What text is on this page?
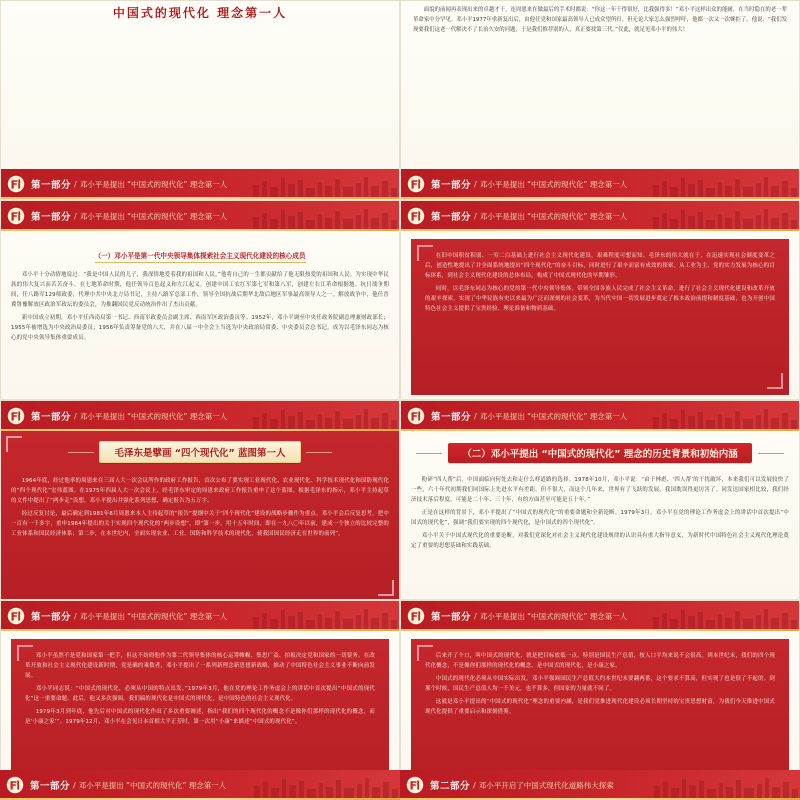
中国式的现代化 理念第一人
第一部分 / 邓小平是提出 “中国式的现代化” 理念第一人
面貌的前闻再表现出来的卓越才干，连周恩来在做最后的手术时都说：“你这一年干得很好，比我强得多！”邓小平这样出众的能耐，在当时隐在的老一辈革命家中分罕见。邓小平1977年重新复出后，由他任党和国家最高领导人已成众望所归。但无论大家怎么强烈呼吁，他都一次又一次婉拒了。他说：“我们发现要我们这老一代解决不了长治久安的问题，于是我们推荐别的人，真正要找第三代。”仅此，就足见邓小平的伟大！
第一部分 / 邓小平是提出 “中国式的现代化” 理念第一人
第一部分 / 邓小平是提出 “中国式的现代化” 理念第一人
（一）邓小平是第一代中央领导集体探索社会主义现代化建设的核心成员

邓小平十分动情地说过：“我是中国人民的儿子，我深情地爱着我的祖国和人民。”他将自己的一生都贡献给了他无限热爱的祖国和人民。为实现中华民族的伟大复兴而苦苦奋斗。在七地革命时期，他任领导百色起义和左江起义，创建中国工农红军第七军和第八军，创建左右江革命根据地。抗日战争期间，任八路军129师政委，代理中共中央北方局书记，主持八路军总部工作，领导全国抗战后期华北敌后地区军事最高领导人之一。解放战争中，他任晋冀鲁豫解放区政治军政坛的委员会，为推翻国民党反动统治作出了杰出贡献。

新中国成立初期，邓小平任西南局第一书记、西南军政委员会副主席、西南军区政治委员等。1952年，邓小平调至中央任政务院副总理兼财政部长；1955年被增选为中央政治局委员；1956年负责筹备党的八大，并在八届一中全会上当选为中央政治局常委、中央委员会总书记，成为以毛泽东同志为核心的党中央领导集体重要成员。

第一部分 / 邓小平是提出 “中国式的现代化” 理念第一人

在旧中国积贫积弱、一穷二白基础上进行社会主义现代化建设，艰难程度可想而知。毛泽东的伟大就在于，在迅速实现社会制度变革之后，创造性地提出了并全面系统地提出“四个现代化”的奋斗目标，同时进行了艰辛而富有成效的探索。从工业为主、党的实力发展为核心的目标体系，到社会主义现代化建设的总体布局，构成了中国式现代化的早期雏形。

同时，以毛泽东同志为核心的党的第一代中央领导集体，带领全国各族人民完成了社会主义革命，进行了社会主义现代化建设和改革开放的艰辛探索，实现了中华民族有史以来最为广泛而深刻的社会变革，为当代中国一切发展进步奠定了根本政治前提和制度基础，也为开创中国特色社会主义提供了宝贵经验、理论准备和物质基础。

第一部分 / 邓小平是提出 “中国式的现代化” 理念第一人
毛泽东是擘画 “四个现代化” 蓝图第一人

1964年底，经过他率的周恩来在三届人大一次会议所作的政府工作报告，首次公布了要实现工业现代化、农业现代化、科学技术现代化和国防现代化的“四个现代化”宏伟蓝图。在1975年四届人大一次会议上，经毛泽东审定的周恩来政府工作报告重申了这个蓝图。根据毛泽东的指示，邓小平主持起草的文件中提出了“两步走”设想，邓小平提出并强化系列思想，确定报告为五万字。

经过反复讨论，最后确定到1981年8月周恩来本人主持起草的“报告”提纲中关于“四个现代化”建设的战略步骤作为重点。邓小平会后反复思考，把中一百有一千多字，重申1964年提出的关于实现四个现代化的“两步设想”，即“第一步，用十五年时间，即在一九八〇年以前，建成一个独立的比较完整的工业体系和国民经济体系；第二步，在本世纪内，全面实现农业、工业、国防和科学技术的现代化，使我国国民经济走在世界的前列”。

第一部分 / 邓小平是提出 “中国式的现代化” 理念第一人
（二）邓小平提出 “中国式的现代化” 理念的历史背景和初始内涵

粉碎“四人帮”后，中国面临向何处去和走什么样道路的选择。1978年10月，邓小平说：“由于林彪、‘四人帮’的干扰破坏，本来我们可以发展较快了一些，六十年代初期我们同国际上先进水平有差距，但不很大，而这个几年来，世界有了飞跃的发展，我国耽误得更厉害了。同发达国家相比较，我们经济技术落后程度，可能是二十年、三十年，有的方面甚至可能是五十年。”

正是在这样的背景下，邓小平提出了“中国式的现代化”的重要命题和全新论断。1979年3月，邓小平在党的理论工作务虚会上的讲话中首次提出“中国式的现代化”，强调“我们要实现的四个现代化，是中国式的四个现代化”。

邓小平关于中国式现代化的重要论断，对我们党深化对社会主义现代化建设规律的认识具有重大指导意义，为新时代中国特色社会主义现代化理论奠定了重要的思想基础和实践基础。

第一部分 / 邓小平是提出 “中国式的现代化” 理念第一人

邓小平虽然不是党和国家第一把手，但这不妨碍他作为第二代领导集体的核心运筹帷幄、集思广益、拍板决定党和国家的一切要务。在改革开放和社会主义现代化建设新时期，党是确的乘数者，邓小平提出了一系列新理念新思想新战略，推动了中国特色社会主义事业不断向前发展。

邓小平同志说：“中国式的现代化，必须从中国的特点出发。”1979年3月，他在党的理论工作务虚会上的讲话中首次提出“中国式的现代化”这一重要命题。此后，他又多次强调，我们搞的现代化是中国式的现代化，是中国特色的社会主义现代化。

1979年3月到年底，他先后对中国式的现代化作出了多次重要阐述，指出“我们的四个现代化的概念不是像你们那样的现代化的概念，而是‘小康之家’”。1979年12月，邓小平在会见日本首相大平正芳时，第一次用“小康”来描述“中国式的现代化”。

第一部分 / 邓小平是提出 “中国式的现代化” 理念第一人

后来开了个口，叫中国式的现代化，就是把目标放低一点。特别是国民生产总值，按人口平均来说不会很高。到本世纪末，我们的四个现代化概念，不是像你们那样的现代化的概念，是中国式的现代化，是小康之家。

中国式的现代化必须从中国实际出发。邓小平强调国民生产总值大约本世纪末要翻两番，这个要求不算高，但实现了也是很了不起的。到那个时候，国民生产总值人均一千美元，也不算多，但国家的力量就不同了。

这就是邓小平提出的“中国式的现代化”理念的重要内涵，是我们党推进现代化建设必须长期坚持的宝贵思想财富，为我们今天推进中国式现代化提供了重要启示和深刻借鉴。

第一部分 / 邓小平是提出 “中国式的现代化” 理念第一人	第二部分 / 邓小平开启了中国式现代化道路伟大探索
